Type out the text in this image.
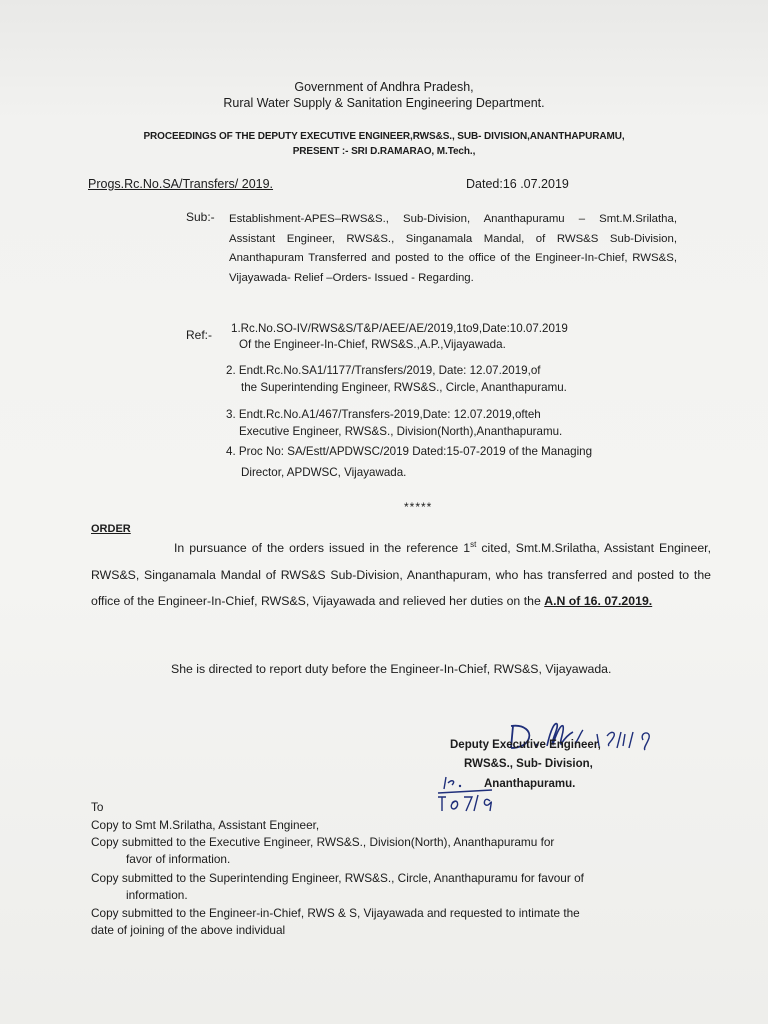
Government of Andhra Pradesh,
Rural Water Supply & Sanitation Engineering Department.
PROCEEDINGS OF THE DEPUTY EXECUTIVE ENGINEER,RWS&S., SUB- DIVISION,ANANTHAPURAMU,
PRESENT :- SRI D.RAMARAO, M.Tech.,
Progs.Rc.No.SA/Transfers/ 2019.	Dated:16 .07.2019
Sub:- Establishment-APES–RWS&S., Sub-Division, Ananthapuramu – Smt.M.Srilatha, Assistant Engineer, RWS&S., Singanamala Mandal, of RWS&S Sub-Division, Ananthapuram Transferred and posted to the office of the Engineer-In-Chief, RWS&S, Vijayawada- Relief –Orders- Issued - Regarding.
Ref:- 1.Rc.No.SO-IV/RWS&S/T&P/AEE/AE/2019,1to9,Date:10.07.2019
Of the Engineer-In-Chief, RWS&S.,A.P.,Vijayawada.
2. Endt.Rc.No.SA1/1177/Transfers/2019, Date: 12.07.2019,of
the Superintending Engineer, RWS&S., Circle, Ananthapuramu.
3. Endt.Rc.No.A1/467/Transfers-2019,Date: 12.07.2019,ofteh
Executive Engineer, RWS&S., Division(North),Ananthapuramu.
4. Proc No: SA/Estt/APDWSC/2019 Dated:15-07-2019 of the Managing
Director, APDWSC, Vijayawada.
*****
ORDER
In pursuance of the orders issued in the reference 1st cited, Smt.M.Srilatha, Assistant Engineer, RWS&S, Singanamala Mandal of RWS&S Sub-Division, Ananthapuram, who has transferred and posted to the office of the Engineer-In-Chief, RWS&S, Vijayawada and relieved her duties on the A.N of 16. 07.2019.
She is directed to report duty before the Engineer-In-Chief, RWS&S, Vijayawada.
Deputy Executive Engineer,
RWS&S., Sub- Division,
Ananthapuramu.
To
Copy to Smt M.Srilatha, Assistant Engineer,
Copy submitted to the Executive Engineer, RWS&S., Division(North), Ananthapuramu for
favor of information.
Copy submitted to the Superintending Engineer, RWS&S., Circle, Ananthapuramu for favour of
information.
Copy submitted to the Engineer-in-Chief, RWS & S, Vijayawada and requested to intimate the
date of joining of the above individual
